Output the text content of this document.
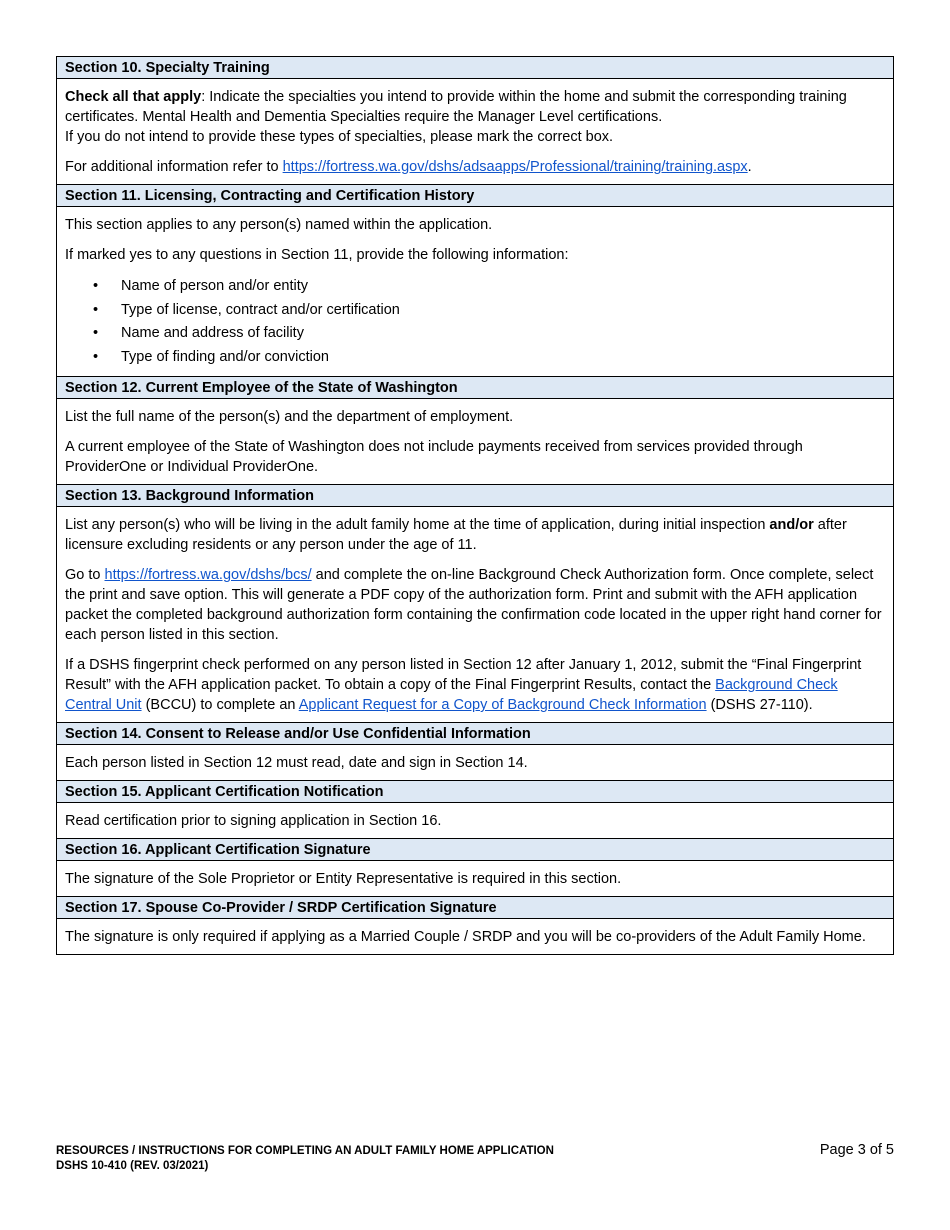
Section 10. Specialty Training

Check all that apply: Indicate the specialties you intend to provide within the home and submit the corresponding training certificates. Mental Health and Dementia Specialties require the Manager Level certifications.

If you do not intend to provide these types of specialties, please mark the correct box.

For additional information refer to https://fortress.wa.gov/dshs/adsaapps/Professional/training/training.aspx.

Section 11. Licensing, Contracting and Certification History

This section applies to any person(s) named within the application.

If marked yes to any questions in Section 11, provide the following information:

• Name of person and/or entity
• Type of license, contract and/or certification
• Name and address of facility
• Type of finding and/or conviction
Section 12. Current Employee of the State of Washington

List the full name of the person(s) and the department of employment.

A current employee of the State of Washington does not include payments received from services provided through ProviderOne or Individual ProviderOne.

Section 13. Background Information

List any person(s) who will be living in the adult family home at the time of application, during initial inspection and/or after licensure excluding residents or any person under the age of 11.

Go to https://fortress.wa.gov/dshs/bcs/ and complete the on-line Background Check Authorization form. Once complete, select the print and save option. This will generate a PDF copy of the authorization form. Print and submit with the AFH application packet the completed background authorization form containing the confirmation code located in the upper right hand corner for each person listed in this section.

If a DSHS fingerprint check performed on any person listed in Section 12 after January 1, 2012, submit the “Final Fingerprint Result” with the AFH application packet. To obtain a copy of the Final Fingerprint Results, contact the Background Check Central Unit (BCCU) to complete an Applicant Request for a Copy of Background Check Information (DSHS 27-110).

Section 14. Consent to Release and/or Use Confidential Information

Each person listed in Section 12 must read, date and sign in Section 14.

Section 15. Applicant Certification Notification

Read certification prior to signing application in Section 16.

Section 16. Applicant Certification Signature

The signature of the Sole Proprietor or Entity Representative is required in this section.

Section 17. Spouse Co-Provider / SRDP Certification Signature

The signature is only required if applying as a Married Couple / SRDP and you will be co-providers of the Adult Family Home.

RESOURCES / INSTRUCTIONS FOR COMPLETING AN ADULT FAMILY HOME APPLICATION
DSHS 10-410 (REV. 03/2021)
Page 3 of 5
